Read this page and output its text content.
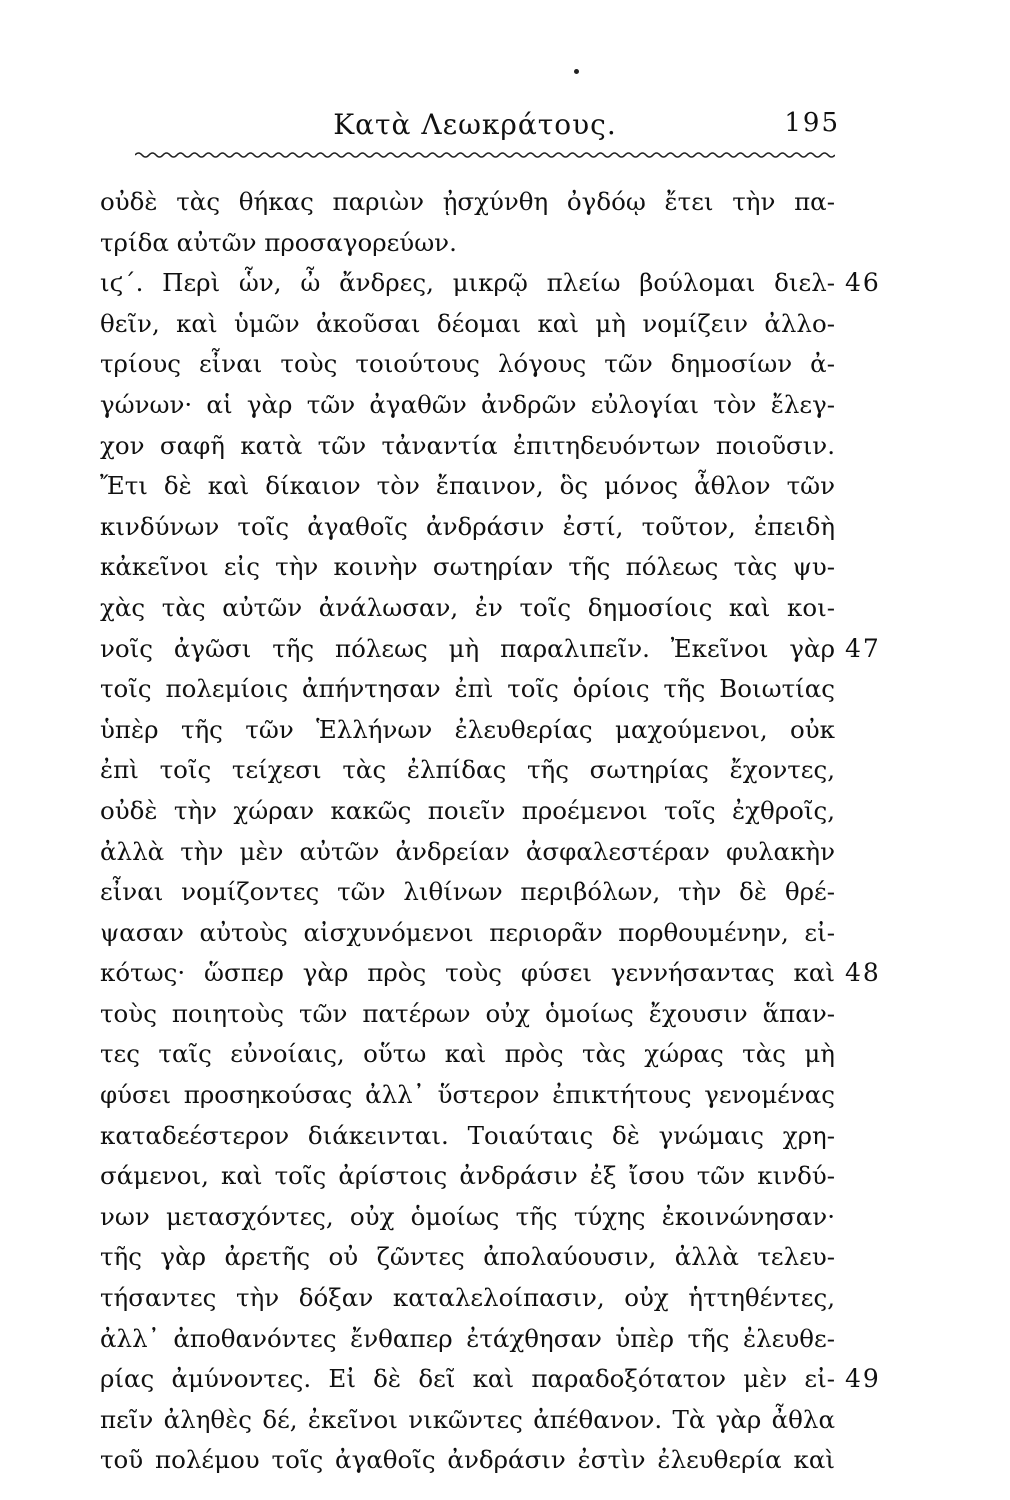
Κατὰ Λεωκράτους.	195
οὐδὲ τὰς θήκας παριὼν ᾐσχύνθη ὀγδόῳ ἔτει τὴν πα-
τρίδα αὐτῶν προσαγορεύων.
ιϛ΄. Περὶ ὧν, ὦ ἄνδρες, μικρῷ πλείω βούλομαι διελ-
θεῖν, καὶ ὑμῶν ἀκοῦσαι δέομαι καὶ μὴ νομίζειν ἀλλο-
τρίους εἶναι τοὺς τοιούτους λόγους τῶν δημοσίων ἀ-
γώνων· αἱ γὰρ τῶν ἀγαθῶν ἀνδρῶν εὐλογίαι τὸν ἔλεγ-
χον σαφῆ κατὰ τῶν τἀναντία ἐπιτηδευόντων ποιοῦσιν.
Ἔτι δὲ καὶ δίκαιον τὸν ἔπαινον, ὃς μόνος ἆθλον τῶν
κινδύνων τοῖς ἀγαθοῖς ἀνδράσιν ἐστί, τοῦτον, ἐπειδὴ
κἀκεῖνοι εἰς τὴν κοινὴν σωτηρίαν τῆς πόλεως τὰς ψυ-
χὰς τὰς αὐτῶν ἀνάλωσαν, ἐν τοῖς δημοσίοις καὶ κοι-
νοῖς ἀγῶσι τῆς πόλεως μὴ παραλιπεῖν. Ἐκεῖνοι γὰρ
τοῖς πολεμίοις ἀπήντησαν ἐπὶ τοῖς ὁρίοις τῆς Βοιωτίας
ὑπὲρ τῆς τῶν Ἑλλήνων ἐλευθερίας μαχούμενοι, οὐκ
ἐπὶ τοῖς τείχεσι τὰς ἐλπίδας τῆς σωτηρίας ἔχοντες,
οὐδὲ τὴν χώραν κακῶς ποιεῖν προέμενοι τοῖς ἐχθροῖς,
ἀλλὰ τὴν μὲν αὐτῶν ἀνδρείαν ἀσφαλεστέραν φυλακὴν
εἶναι νομίζοντες τῶν λιθίνων περιβόλων, τὴν δὲ θρέ-
ψασαν αὐτοὺς αἰσχυνόμενοι περιορᾶν πορθουμένην, εἰ-
κότως· ὥσπερ γὰρ πρὸς τοὺς φύσει γεννήσαντας καὶ
τοὺς ποιητοὺς τῶν πατέρων οὐχ ὁμοίως ἔχουσιν ἅπαν-
τες ταῖς εὐνοίαις, οὕτω καὶ πρὸς τὰς χώρας τὰς μὴ
φύσει προσηκούσας ἀλλ᾽ ὕστερον ἐπικτήτους γενομένας
καταδεέστερον διάκεινται. Τοιαύταις δὲ γνώμαις χρη-
σάμενοι, καὶ τοῖς ἀρίστοις ἀνδράσιν ἐξ ἴσου τῶν κινδύ-
νων μετασχόντες, οὐχ ὁμοίως τῆς τύχης ἐκοινώνησαν·
τῆς γὰρ ἀρετῆς οὐ ζῶντες ἀπολαύουσιν, ἀλλὰ τελευ-
τήσαντες τὴν δόξαν καταλελοίπασιν, οὐχ ἡττηθέντες,
ἀλλ᾽ ἀποθανόντες ἔνθαπερ ἐτάχθησαν ὑπὲρ τῆς ἐλευθε-
ρίας ἀμύνοντες. Εἰ δὲ δεῖ καὶ παραδοξότατον μὲν εἰ-
πεῖν ἀληθὲς δέ, ἐκεῖνοι νικῶντες ἀπέθανον. Τὰ γὰρ ἆθλα
τοῦ πολέμου τοῖς ἀγαθοῖς ἀνδράσιν ἐστὶν ἐλευθερία καὶ
46
47
48
49
